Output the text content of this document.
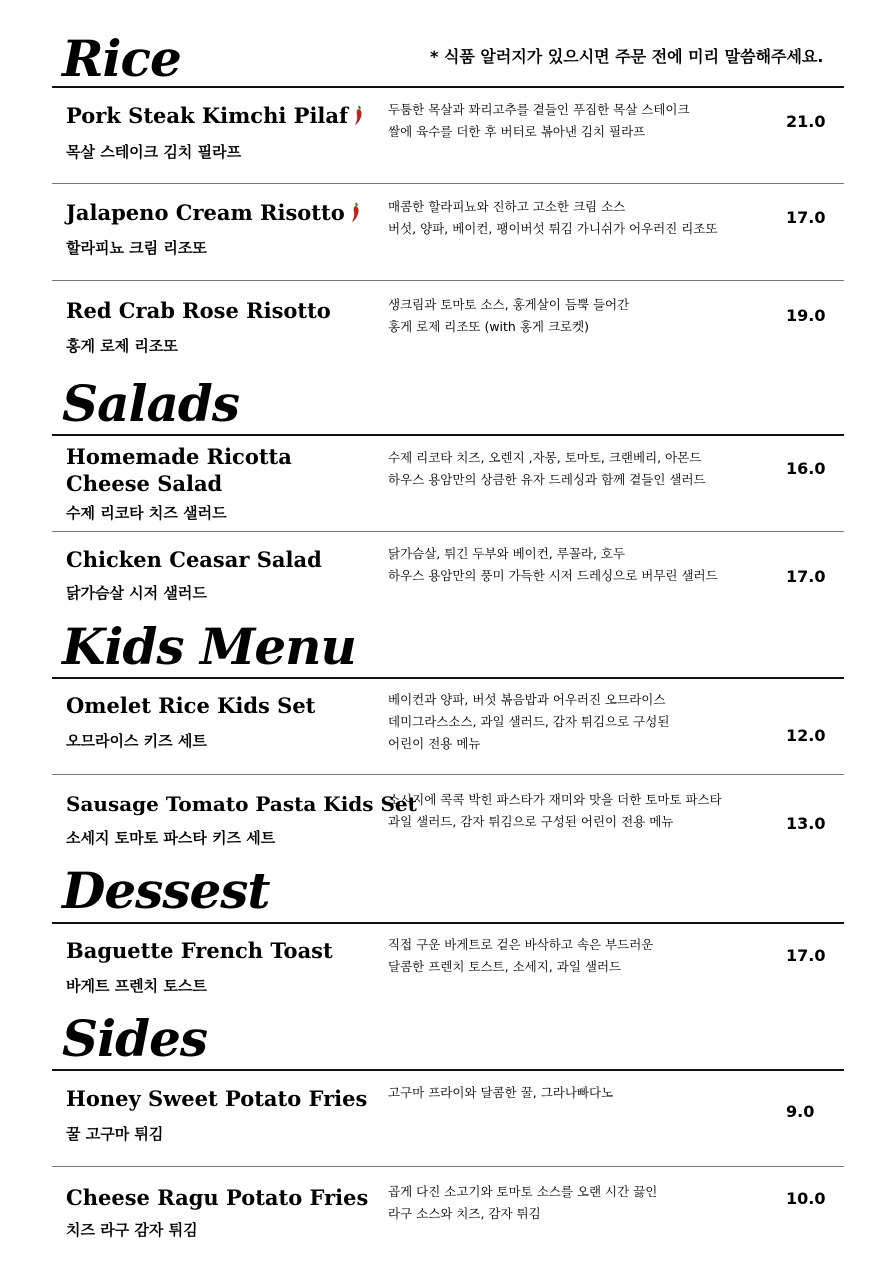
* 식품 알러지가 있으시면 주문 전에 미리 말씀해주세요.
Rice
Pork Steak Kimchi Pilaf
목살 스테이크 김치 필라프
두툼한 목살과 꽈리고추를 곁들인 푸짐한 목살 스테이크
쌀에 육수를 더한 후 버터로 볶아낸 김치 필라프
21.0
Jalapeno Cream Risotto
할라피뇨 크림 리조또
매콤한 할라피뇨와 진하고 고소한 크림 소스
버섯, 양파, 베이컨, 팽이버섯 튀김 가니쉬가 어우러진 리조또
17.0
Red Crab Rose Risotto
홍게 로제 리조또
생크림과 토마토 소스, 홍게살이 듬뿍 들어간
홍게 로제 리조또 (with 홍게 크로켓)
19.0
Salads
Homemade Ricotta
Cheese Salad
수제 리코타 치즈 샐러드
수제 리코타 치즈, 오렌지 ,자몽, 토마토, 크랜베리, 아몬드
하우스 용암만의 상큼한 유자 드레싱과 함께 곁들인 샐러드
16.0
Chicken Ceasar Salad
닭가슴살 시저 샐러드
닭가슴살, 튀긴 두부와 베이컨, 루꼴라, 호두
하우스 용암만의 풍미 가득한 시저 드레싱으로 버무린 샐러드	17.0
Kids Menu
Omelet Rice Kids Set
오므라이스 키즈 세트
베이컨과 양파, 버섯 볶음밥과 어우러진 오므라이스
데미그라스소스, 과일 샐러드, 감자 튀김으로 구성된
어린이 전용 메뉴	12.0
Sausage Tomato Pasta Kids Set
소세지 토마토 파스타 키즈 세트
소시지에 콕콕 박힌 파스타가 재미와 맛을 더한 토마토 파스타
과일 샐러드, 감자 튀김으로 구성된 어린이 전용 메뉴	13.0
Dessest
Baguette French Toast
바게트 프렌치 토스트
직접 구운 바게트로 겉은 바삭하고 속은 부드러운
달콤한 프렌치 토스트, 소세지, 과일 샐러드
17.0
Sides
Honey Sweet Potato Fries
꿀 고구마 튀김
고구마 프라이와 달콤한 꿀, 그라나빠다노
9.0
Cheese Ragu Potato Fries
치즈 라구 감자 튀김
곱게 다진 소고기와 토마토 소스를 오랜 시간 끓인
라구 소스와 치즈, 감자 튀김
10.0
